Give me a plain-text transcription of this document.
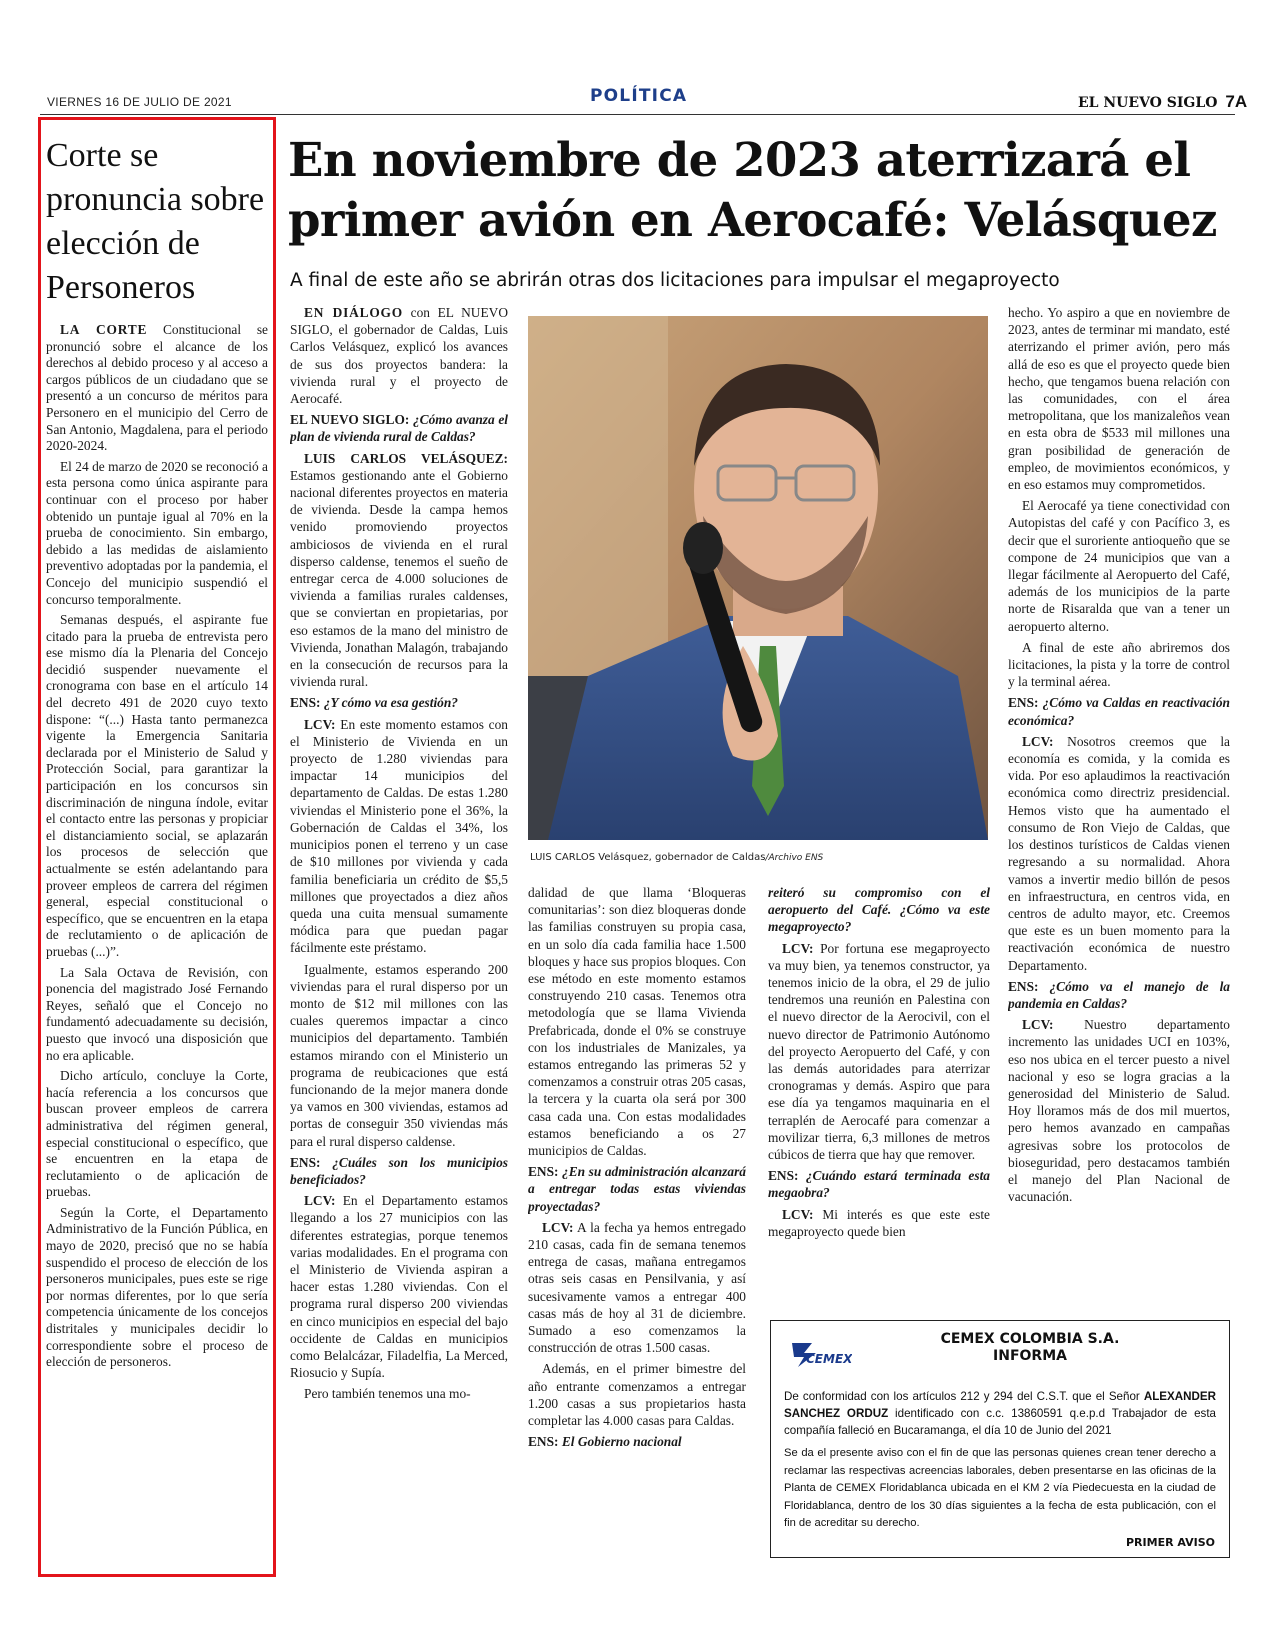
VIERNES 16 DE JULIO DE 2021	POLÍTICA	EL NUEVO SIGLO 7A
Corte se pronuncia sobre elección de Personeros

LA CORTE Constitucional se pronunció sobre el alcance de los derechos al debido proceso y al acceso a cargos públicos de un ciudadano que se presentó a un concurso de méritos para Personero en el municipio del Cerro de San Antonio, Magdalena, para el periodo 2020-2024.

El 24 de marzo de 2020 se reconoció a esta persona como única aspirante para continuar con el proceso por haber obtenido un puntaje igual al 70% en la prueba de conocimiento. Sin embargo, debido a las medidas de aislamiento preventivo adoptadas por la pandemia, el Concejo del municipio suspendió el concurso temporalmente.

Semanas después, el aspirante fue citado para la prueba de entrevista pero ese mismo día la Plenaria del Concejo decidió suspender nuevamente el cronograma con base en el artículo 14 del decreto 491 de 2020 cuyo texto dispone: “(...) Hasta tanto permanezca vigente la Emergencia Sanitaria declarada por el Ministerio de Salud y Protección Social, para garantizar la participación en los concursos sin discriminación de ninguna índole, evitar el contacto entre las personas y propiciar el distanciamiento social, se aplazarán los procesos de selección que actualmente se estén adelantando para proveer empleos de carrera del régimen general, especial constitucional o específico, que se encuentren en la etapa de reclutamiento o de aplicación de pruebas (...)”.

La Sala Octava de Revisión, con ponencia del magistrado José Fernando Reyes, señaló que el Concejo no fundamentó adecuadamente su decisión, puesto que invocó una disposición que no era aplicable.

Dicho artículo, concluye la Corte, hacía referencia a los concursos que buscan proveer empleos de carrera administrativa del régimen general, especial constitucional o específico, que se encuentren en la etapa de reclutamiento o de aplicación de pruebas.

Según la Corte, el Departamento Administrativo de la Función Pública, en mayo de 2020, precisó que no se había suspendido el proceso de elección de los personeros municipales, pues este se rige por normas diferentes, por lo que sería competencia únicamente de los concejos distritales y municipales decidir lo correspondiente sobre el proceso de elección de personeros.

En noviembre de 2023 aterrizará el primer avión en Aerocafé: Velásquez
A final de este año se abrirán otras dos licitaciones para impulsar el megaproyecto

EN DIÁLOGO con EL NUEVO SIGLO, el gobernador de Caldas, Luis Carlos Velásquez, explicó los avances de sus dos proyectos bandera: la vivienda rural y el proyecto de Aerocafé.

EL NUEVO SIGLO: ¿Cómo avanza el plan de vivienda rural de Caldas?

LUIS CARLOS VELÁSQUEZ: Estamos gestionando ante el Gobierno nacional diferentes proyectos en materia de vivienda. Desde la campa hemos venido promoviendo proyectos ambiciosos de vivienda en el rural disperso caldense, tenemos el sueño de entregar cerca de 4.000 soluciones de vivienda a familias rurales caldenses, que se conviertan en propietarias, por eso estamos de la mano del ministro de Vivienda, Jonathan Malagón, trabajando en la consecución de recursos para la vivienda rural.

ENS: ¿Y cómo va esa gestión?

LCV: En este momento estamos con el Ministerio de Vivienda en un proyecto de 1.280 viviendas para impactar 14 municipios del departamento de Caldas. De estas 1.280 viviendas el Ministerio pone el 36%, la Gobernación de Caldas el 34%, los municipios ponen el terreno y un case de $10 millones por vivienda y cada familia beneficiaria un crédito de $5,5 millones que proyectados a diez años queda una cuita mensual sumamente módica para que puedan pagar fácilmente este préstamo.

Igualmente, estamos esperando 200 viviendas para el rural disperso por un monto de $12 mil millones con las cuales queremos impactar a cinco municipios del departamento. También estamos mirando con el Ministerio un programa de reubicaciones que está funcionando de la mejor manera donde ya vamos en 300 viviendas, estamos ad portas de conseguir 350 viviendas más para el rural disperso caldense.

ENS: ¿Cuáles son los municipios beneficiados?

LCV: En el Departamento estamos llegando a los 27 municipios con las diferentes estrategias, porque tenemos varias modalidades. En el programa con el Ministerio de Vivienda aspiran a hacer estas 1.280 viviendas. Con el programa rural disperso 200 viviendas en cinco municipios en especial del bajo occidente de Caldas en municipios como Belalcázar, Filadelfia, La Merced, Riosucio y Supía.

Pero también tenemos una mo-

LUIS CARLOS Velásquez, gobernador de Caldas/Archivo ENS

dalidad de que llama ‘Bloqueras comunitarias’: son diez bloqueras donde las familias construyen su propia casa, en un solo día cada familia hace 1.500 bloques y hace sus propios bloques. Con ese método en este momento estamos construyendo 210 casas. Tenemos otra metodología que se llama Vivienda Prefabricada, donde el 0% se construye con los industriales de Manizales, ya estamos entregando las primeras 52 y comenzamos a construir otras 205 casas, la tercera y la cuarta ola será por 300 casa cada una. Con estas modalidades estamos beneficiando a os 27 municipios de Caldas.

ENS: ¿En su administración alcanzará a entregar todas estas viviendas proyectadas?

LCV: A la fecha ya hemos entregado 210 casas, cada fin de semana tenemos entrega de casas, mañana entregamos otras seis casas en Pensilvania, y así sucesivamente vamos a entregar 400 casas más de hoy al 31 de diciembre. Sumado a eso comenzamos la construcción de otras 1.500 casas.

Además, en el primer bimestre del año entrante comenzamos a entregar 1.200 casas a sus propietarios hasta completar las 4.000 casas para Caldas.

ENS: El Gobierno nacional

reiteró su compromiso con el aeropuerto del Café. ¿Cómo va este megaproyecto?

LCV: Por fortuna ese megaproyecto va muy bien, ya tenemos constructor, ya tenemos inicio de la obra, el 29 de julio tendremos una reunión en Palestina con el nuevo director de la Aerocivil, con el nuevo director de Patrimonio Autónomo del proyecto Aeropuerto del Café, y con las demás autoridades para aterrizar cronogramas y demás. Aspiro que para ese día ya tengamos maquinaria en el terraplén de Aerocafé para comenzar a movilizar tierra, 6,3 millones de metros cúbicos de tierra que hay que remover.

ENS: ¿Cuándo estará terminada esta megaobra?

LCV: Mi interés es que este este megaproyecto quede bien

hecho. Yo aspiro a que en noviembre de 2023, antes de terminar mi mandato, esté aterrizando el primer avión, pero más allá de eso es que el proyecto quede bien hecho, que tengamos buena relación con las comunidades, con el área metropolitana, que los manizaleños vean en esta obra de $533 mil millones una gran posibilidad de generación de empleo, de movimientos económicos, y en eso estamos muy comprometidos.

El Aerocafé ya tiene conectividad con Autopistas del café y con Pacífico 3, es decir que el suroriente antioqueño que se compone de 24 municipios que van a llegar fácilmente al Aeropuerto del Café, además de los municipios de la parte norte de Risaralda que van a tener un aeropuerto alterno.

A final de este año abriremos dos licitaciones, la pista y la torre de control y la terminal aérea.

ENS: ¿Cómo va Caldas en reactivación económica?

LCV: Nosotros creemos que la economía es comida, y la comida es vida. Por eso aplaudimos la reactivación económica como directriz presidencial. Hemos visto que ha aumentado el consumo de Ron Viejo de Caldas, que los destinos turísticos de Caldas vienen regresando a su normalidad. Ahora vamos a invertir medio billón de pesos en infraestructura, en centros vida, en centros de adulto mayor, etc. Creemos que este es un buen momento para la reactivación económica de nuestro Departamento.

ENS: ¿Cómo va el manejo de la pandemia en Caldas?

LCV: Nuestro departamento incremento las unidades UCI en 103%, eso nos ubica en el tercer puesto a nivel nacional y eso se logra gracias a la generosidad del Ministerio de Salud. Hoy lloramos más de dos mil muertos, pero hemos avanzado en campañas agresivas sobre los protocolos de bioseguridad, pero destacamos también el manejo del Plan Nacional de vacunación.

CEMEX
CEMEX COLOMBIA S.A.
INFORMA
De conformidad con los artículos 212 y 294 del C.S.T. que el Señor ALEXANDER SANCHEZ ORDUZ identificado con c.c. 13860591 q.e.p.d Trabajador de esta compañía falleció en Bucaramanga, el día 10 de Junio del 2021
Se da el presente aviso con el fin de que las personas quienes crean tener derecho a reclamar las respectivas acreencias laborales, deben presentarse en las oficinas de la Planta de CEMEX Floridablanca ubicada en el KM 2 vía Piedecuesta en la ciudad de Floridablanca, dentro de los 30 días siguientes a la fecha de esta publicación, con el fin de acreditar su derecho.
PRIMER AVISO
